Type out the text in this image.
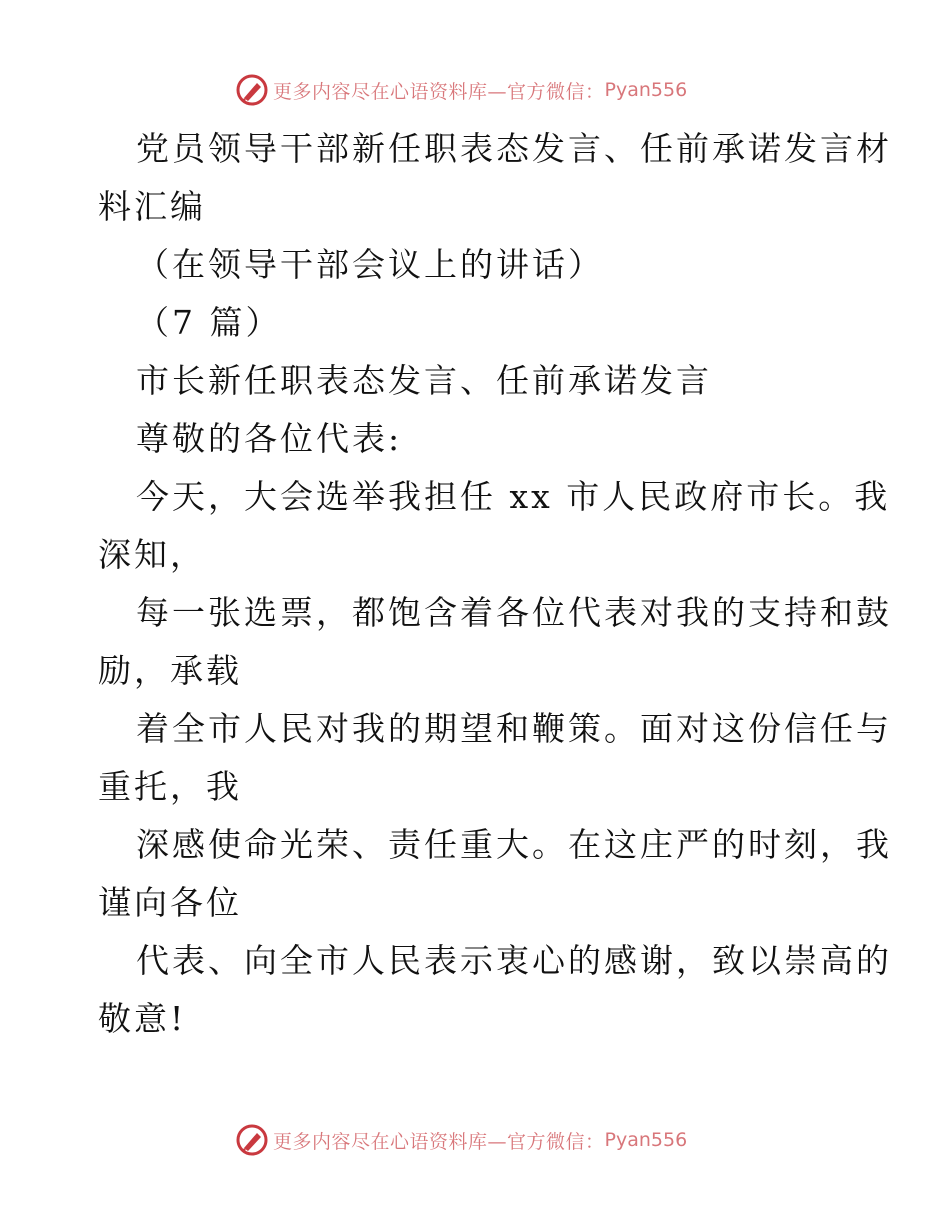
更多内容尽在心语资料库—官方微信： Pyan556
党员领导干部新任职表态发言、任前承诺发言材
料汇编
（在领导干部会议上的讲话）
（7 篇）
市长新任职表态发言、任前承诺发言
尊敬的各位代表:
今天，大会选举我担任 xx 市人民政府市长。我
深知，
每一张选票，都饱含着各位代表对我的支持和鼓
励，承载
着全市人民对我的期望和鞭策。面对这份信任与
重托，我
深感使命光荣、责任重大。在这庄严的时刻，我
谨向各位
代表、向全市人民表示衷心的感谢，致以崇高的
敬意!
更多内容尽在心语资料库—官方微信： Pyan556
